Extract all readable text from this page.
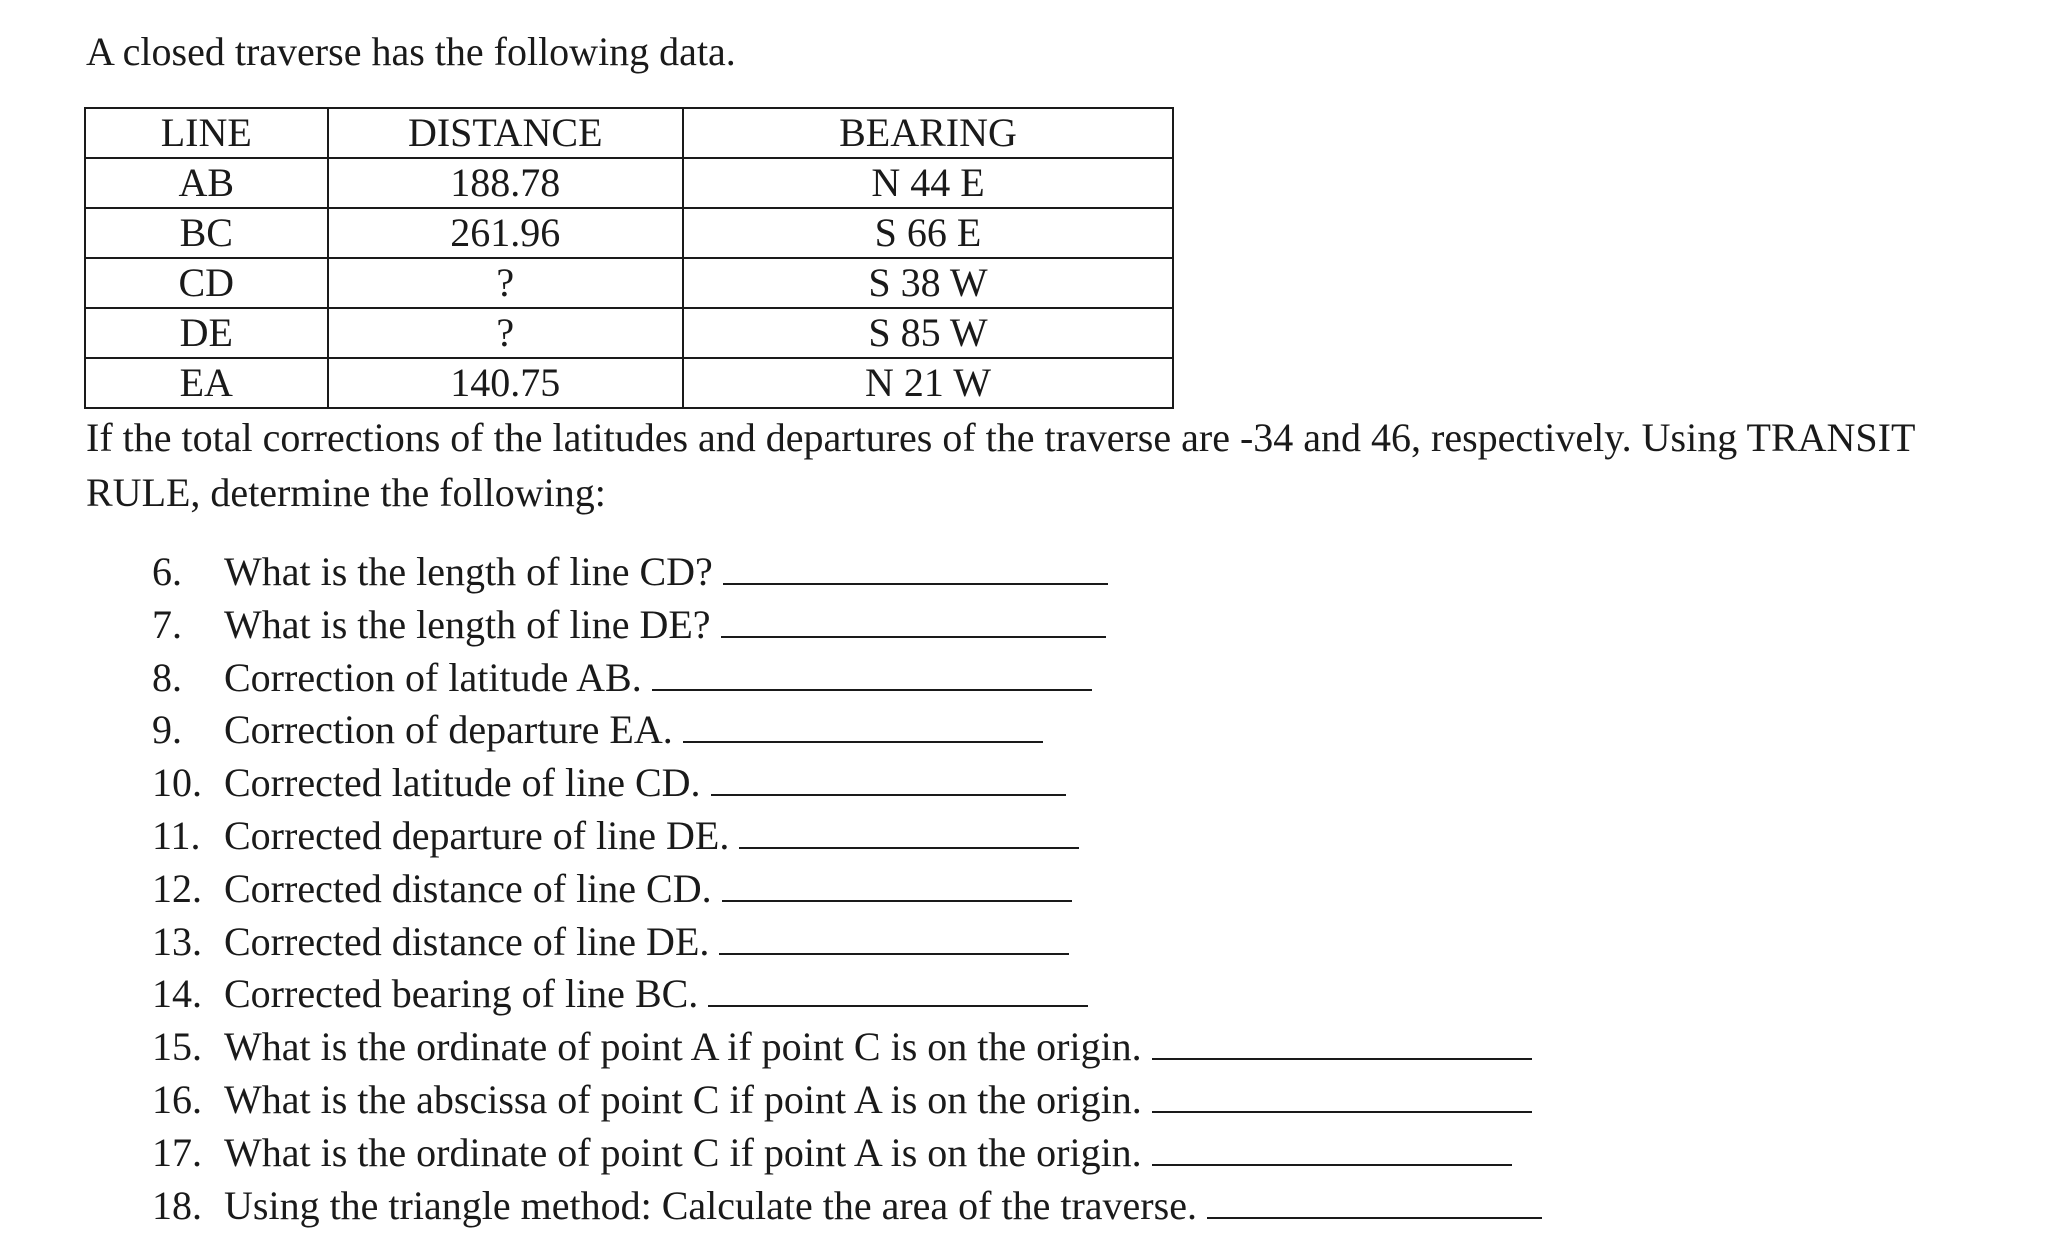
A closed traverse has the following data.

LINE	DISTANCE	BEARING
AB	188.78	N 44 E
BC	261.96	S 66 E
CD	?	S 38 W
DE	?	S 85 W
EA	140.75	N 21 W

If the total corrections of the latitudes and departures of the traverse are -34 and 46, respectively. Using TRANSIT RULE, determine the following:

6.	What is the length of line CD?
7.	What is the length of line DE?
8.	Correction of latitude AB.
9.	Correction of departure EA.
10. Corrected latitude of line CD.
11. Corrected departure of line DE.
12. Corrected distance of line CD.
13. Corrected distance of line DE.
14. Corrected bearing of line BC.
15. What is the ordinate of point A if point C is on the origin.
16. What is the abscissa of point C if point A is on the origin.
17. What is the ordinate of point C if point A is on the origin.
18. Using the triangle method: Calculate the area of the traverse.
